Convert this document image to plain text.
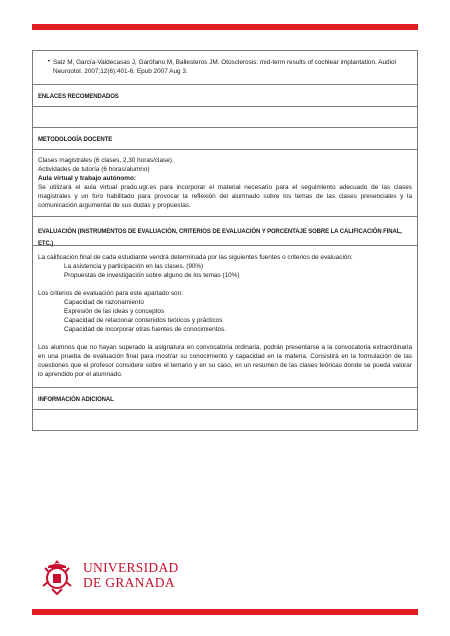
• Saiz M, García-Valdecasas J, Garófano M, Ballesteros JM. Otosclerosis: mid-term results of cochlear implantation. Audiol Neurootol. 2007;12(6):401-6. Epub 2007 Aug 3.
ENLACES RECOMENDADOS
METODOLOGÍA DOCENTE
Clases magistrales (6 clases, 2,30 horas/clase).
Actividades de tutoría (6 horas/alumno)
Aula virtual y trabajo autónomo:
Se utilizará el aula virtual prado.ugr.es para incorporar el material necesario para el seguimiento adecuado de las clases magistrales y un foro habilitado para provocar la reflexión del alumnado sobre los temas de las clases presenciales y la comunicación argumental de sus dudas y propuestas.
EVALUACIÓN (INSTRUMENTOS DE EVALUACIÓN, CRITERIOS DE EVALUACIÓN Y PORCENTAJE SOBRE LA CALIFICACIÓN FINAL, ETC.)
La calificación final de cada estudiante vendrá determinada por las siguientes fuentes o criterios de evaluación:
La asistencia y participación en las clases. (90%)
Propuestas de investigación sobre alguno de los temas (10%)
Los criterios de evaluación para este apartado son:
Capacidad de razonamiento
Expresión de las ideas y conceptos
Capacidad de relacionar contenidos teóricos y prácticos
Capacidad de incorporar otras fuentes de conocimientos.
Los alumnos que no hayan superado la asignatura en convocatoria ordinaria, podrán presentarse a la convocatoria extraordinaria en una prueba de evaluación final para mostrar su conocimiento y capacidad en la materia. Consistirá en la formulación de las cuestiones que el profesor considere sobre el temario y en su caso, en un resumen de las clases teóricas donde se pueda valorar lo aprendido por el alumnado.
INFORMACIÓN ADICIONAL
UNIVERSIDAD
DE GRANADA
